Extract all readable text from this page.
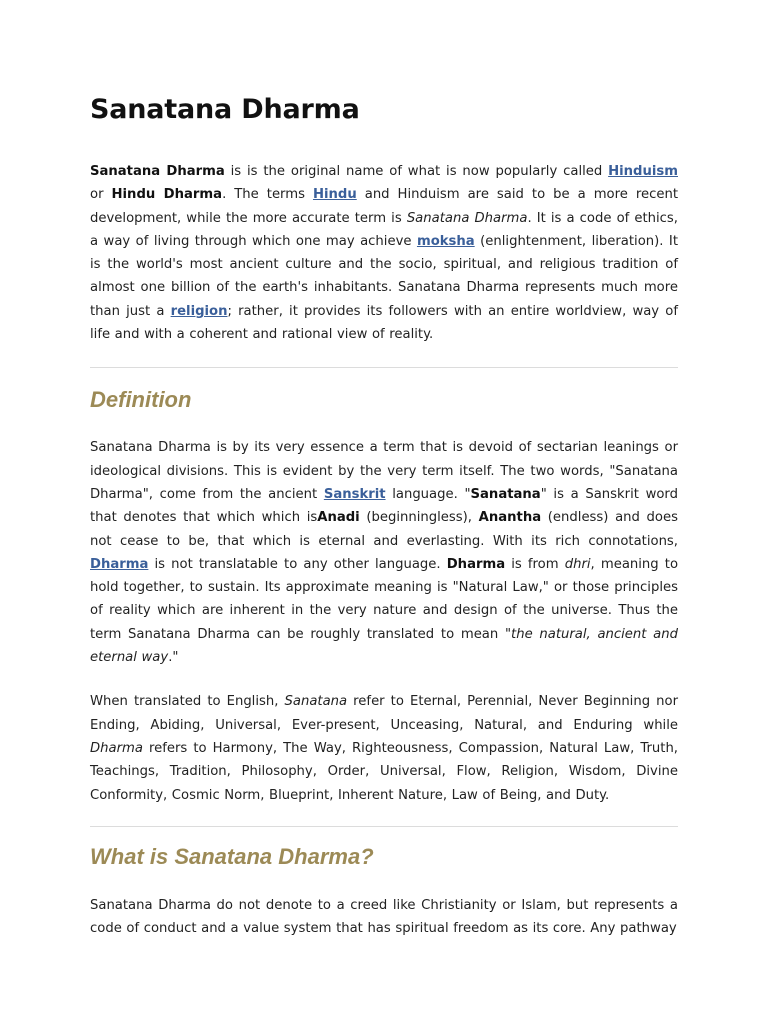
Sanatana Dharma

Sanatana Dharma is is the original name of what is now popularly called Hinduism or Hindu Dharma. The terms Hindu and Hinduism are said to be a more recent development, while the more accurate term is Sanatana Dharma. It is a code of ethics, a way of living through which one may achieve moksha (enlightenment, liberation). It is the world's most ancient culture and the socio, spiritual, and religious tradition of almost one billion of the earth's inhabitants. Sanatana Dharma represents much more than just a religion; rather, it provides its followers with an entire worldview, way of life and with a coherent and rational view of reality.

Definition

Sanatana Dharma is by its very essence a term that is devoid of sectarian leanings or ideological divisions. This is evident by the very term itself. The two words, "Sanatana Dharma", come from the ancient Sanskrit language. "Sanatana" is a Sanskrit word that denotes that which which isAnadi (beginningless), Anantha (endless) and does not cease to be, that which is eternal and everlasting. With its rich connotations, Dharma is not translatable to any other language. Dharma is from dhri, meaning to hold together, to sustain. Its approximate meaning is "Natural Law," or those principles of reality which are inherent in the very nature and design of the universe. Thus the term Sanatana Dharma can be roughly translated to mean "the natural, ancient and eternal way."

When translated to English, Sanatana refer to Eternal, Perennial, Never Beginning nor Ending, Abiding, Universal, Ever-present, Unceasing, Natural, and Enduring while Dharma refers to Harmony, The Way, Righteousness, Compassion, Natural Law, Truth, Teachings, Tradition, Philosophy, Order, Universal, Flow, Religion, Wisdom, Divine Conformity, Cosmic Norm, Blueprint, Inherent Nature, Law of Being, and Duty.

What is Sanatana Dharma?

Sanatana Dharma do not denote to a creed like Christianity or Islam, but represents a code of conduct and a value system that has spiritual freedom as its core. Any pathway
